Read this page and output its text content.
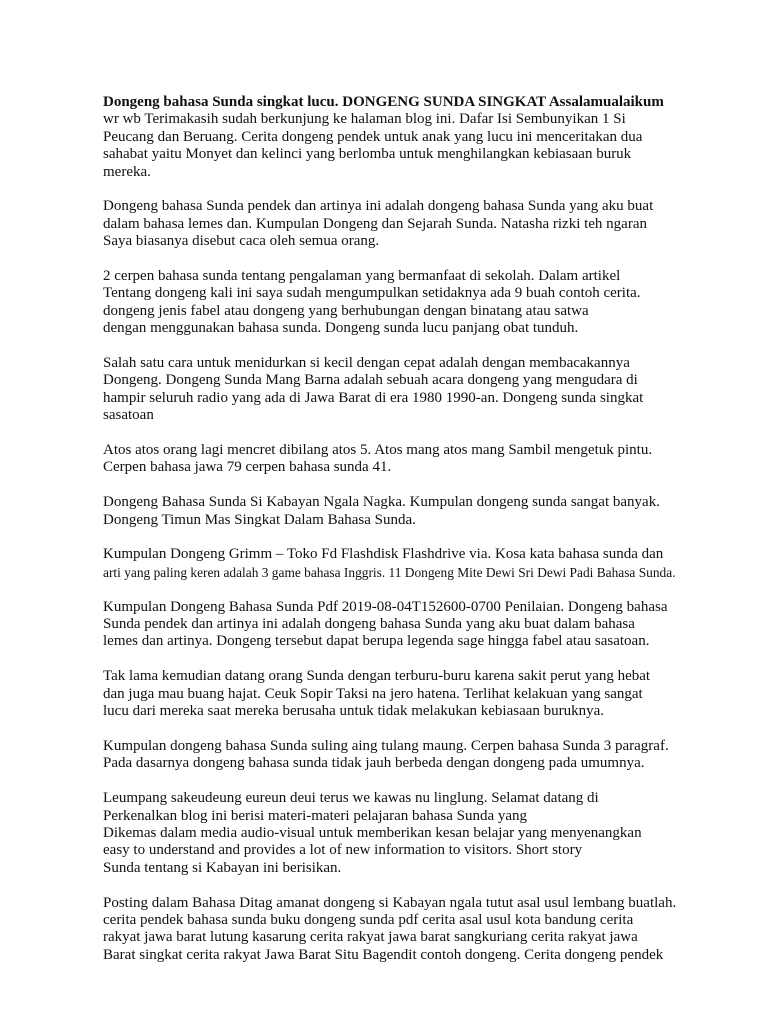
Dongeng bahasa Sunda singkat lucu. DONGENG SUNDA SINGKAT Assalamualaikum
wr wb Terimakasih sudah berkunjung ke halaman blog ini. Dafar Isi Sembunyikan 1 Si
Peucang dan Beruang. Cerita dongeng pendek untuk anak yang lucu ini menceritakan dua
sahabat yaitu Monyet dan kelinci yang berlomba untuk menghilangkan kebiasaan buruk
mereka.
Dongeng bahasa Sunda pendek dan artinya ini adalah dongeng bahasa Sunda yang aku buat
dalam bahasa lemes dan. Kumpulan Dongeng dan Sejarah Sunda. Natasha rizki teh ngaran
Saya biasanya disebut caca oleh semua orang.
2 cerpen bahasa sunda tentang pengalaman yang bermanfaat di sekolah. Dalam artikel
Tentang dongeng kali ini saya sudah mengumpulkan setidaknya ada 9 buah contoh cerita.
dongeng jenis fabel atau dongeng yang berhubungan dengan binatang atau satwa
dengan menggunakan bahasa sunda. Dongeng sunda lucu panjang obat tunduh.
Salah satu cara untuk menidurkan si kecil dengan cepat adalah dengan membacakannya
Dongeng. Dongeng Sunda Mang Barna adalah sebuah acara dongeng yang mengudara di
hampir seluruh radio yang ada di Jawa Barat di era 1980 1990-an. Dongeng sunda singkat
sasatoan
Atos atos orang lagi mencret dibilang atos 5. Atos mang atos mang Sambil mengetuk pintu.
Cerpen bahasa jawa 79 cerpen bahasa sunda 41.
Dongeng Bahasa Sunda Si Kabayan Ngala Nagka. Kumpulan dongeng sunda sangat banyak.
Dongeng Timun Mas Singkat Dalam Bahasa Sunda.
Kumpulan Dongeng Grimm – Toko Fd Flashdisk Flashdrive via. Kosa kata bahasa sunda dan
arti yang paling keren adalah 3 game bahasa Inggris. 11 Dongeng Mite Dewi Sri Dewi Padi Bahasa Sunda.
Kumpulan Dongeng Bahasa Sunda Pdf 2019-08-04T152600-0700 Penilaian. Dongeng bahasa
Sunda pendek dan artinya ini adalah dongeng bahasa Sunda yang aku buat dalam bahasa
lemes dan artinya. Dongeng tersebut dapat berupa legenda sage hingga fabel atau sasatoan.
Tak lama kemudian datang orang Sunda dengan terburu-buru karena sakit perut yang hebat
dan juga mau buang hajat. Ceuk Sopir Taksi na jero hatena. Terlihat kelakuan yang sangat
lucu dari mereka saat mereka berusaha untuk tidak melakukan kebiasaan buruknya.
Kumpulan dongeng bahasa Sunda suling aing tulang maung. Cerpen bahasa Sunda 3 paragraf.
Pada dasarnya dongeng bahasa sunda tidak jauh berbeda dengan dongeng pada umumnya.
Leumpang sakeudeung eureun deui terus we kawas nu linglung. Selamat datang di
Perkenalkan blog ini berisi materi-materi pelajaran bahasa Sunda yang
Dikemas dalam media audio-visual untuk memberikan kesan belajar yang menyenangkan
easy to understand and provides a lot of new information to visitors. Short story
Sunda tentang si Kabayan ini berisikan.
Posting dalam Bahasa Ditag amanat dongeng si Kabayan ngala tutut asal usul lembang buatlah.
cerita pendek bahasa sunda buku dongeng sunda pdf cerita asal usul kota bandung cerita
rakyat jawa barat lutung kasarung cerita rakyat jawa barat sangkuriang cerita rakyat jawa
Barat singkat cerita rakyat Jawa Barat Situ Bagendit contoh dongeng. Cerita dongeng pendek
